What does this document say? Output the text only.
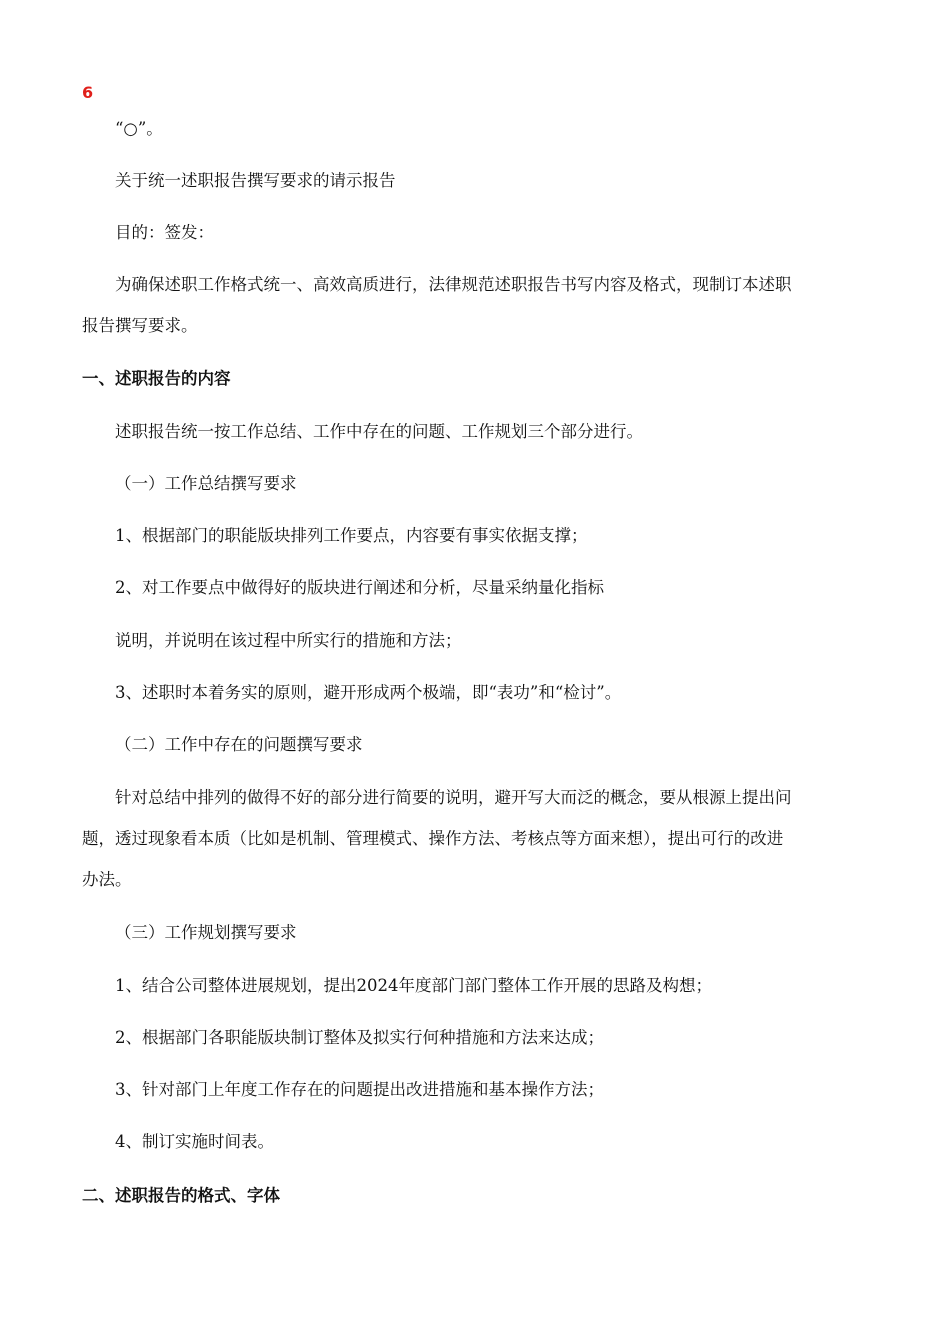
6

“○”。

关于统一述职报告撰写要求的请示报告

目的：签发：

为确保述职工作格式统一、高效高质进行，法律规范述职报告书写内容及格式，现制订本述职

报告撰写要求。

一、述职报告的内容

述职报告统一按工作总结、工作中存在的问题、工作规划三个部分进行。

（一）工作总结撰写要求

1、根据部门的职能版块排列工作要点，内容要有事实依据支撑；

2、对工作要点中做得好的版块进行阐述和分析，尽量采纳量化指标

说明，并说明在该过程中所实行的措施和方法；

3、述职时本着务实的原则，避开形成两个极端，即“表功”和“检讨”。

（二）工作中存在的问题撰写要求

针对总结中排列的做得不好的部分进行简要的说明，避开写大而泛的概念，要从根源上提出问

题，透过现象看本质（比如是机制、管理模式、操作方法、考核点等方面来想），提出可行的改进

办法。

（三）工作规划撰写要求

1、结合公司整体进展规划，提出2024年度部门部门整体工作开展的思路及构想；

2、根据部门各职能版块制订整体及拟实行何种措施和方法来达成；

3、针对部门上年度工作存在的问题提出改进措施和基本操作方法；

4、制订实施时间表。

二、述职报告的格式、字体
